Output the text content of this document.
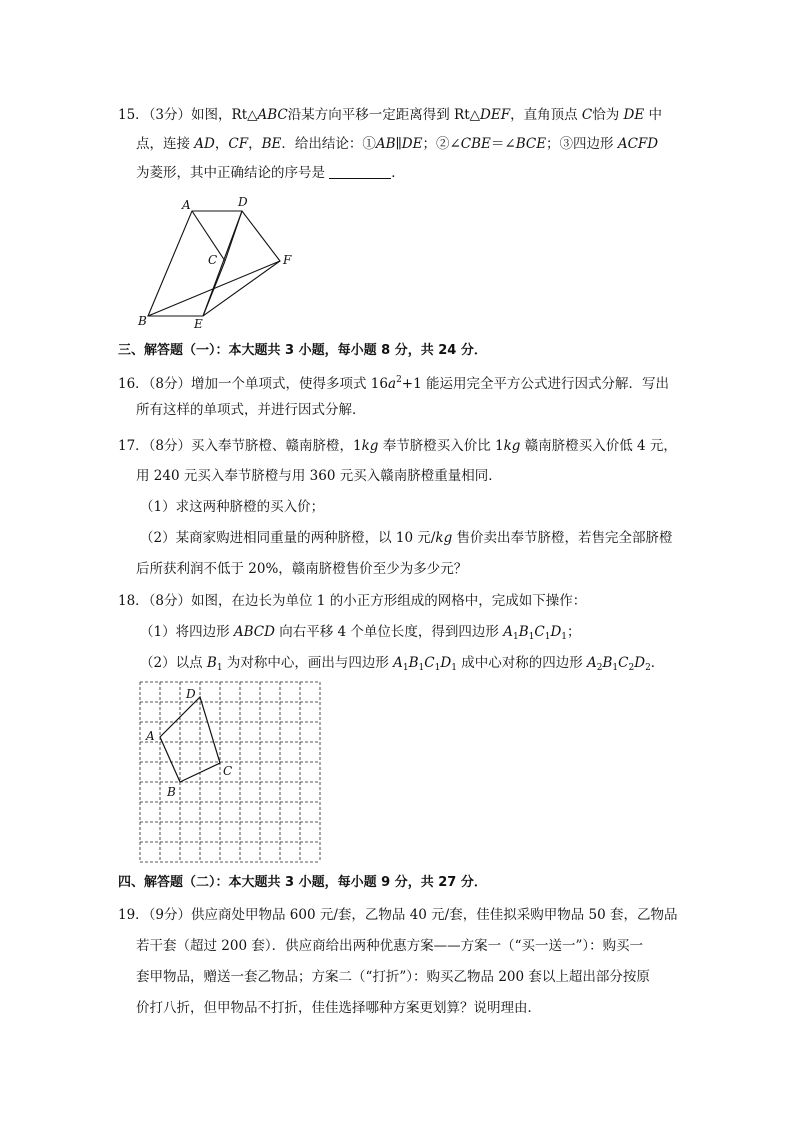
15．（3分）如图，Rt△ABC沿某方向平移一定距离得到 Rt△DEF，直角顶点 C恰为 DE 中
点，连接 AD，CF，BE．给出结论：①AB∥DE；②∠CBE＝∠BCE；③四边形 ACFD
为菱形，其中正确结论的序号是	．
A	D
C	F
B	E
三、解答题（一）：本大题共 3 小题，每小题 8 分，共 24 分．
16．（8分）增加一个单项式，使得多项式 $16a^2+1$ 能运用完全平方公式进行因式分解．写出
所有这样的单项式，并进行因式分解．
17．（8分）买入奉节脐橙、赣南脐橙，1kg 奉节脐橙买入价比 1kg 赣南脐橙买入价低 4 元，
用 240 元买入奉节脐橙与用 360 元买入赣南脐橙重量相同．
（1）求这两种脐橙的买入价；
（2）某商家购进相同重量的两种脐橙，以 10 元/kg 售价卖出奉节脐橙，若售完全部脐橙
后所获利润不低于 20%，赣南脐橙售价至少为多少元？
18．（8分）如图，在边长为单位 1 的小正方形组成的网格中，完成如下操作：
（1）将四边形 ABCD 向右平移 4 个单位长度，得到四边形 $A_1B_1C_1D_1$；
（2）以点 $B_1$ 为对称中心，画出与四边形 $A_1B_1C_1D_1$ 成中心对称的四边形 $A_2B_1C_2D_2$．
D
A
C
B
四、解答题（二）：本大题共 3 小题，每小题 9 分，共 27 分．
19．（9分）供应商处甲物品 600 元/套，乙物品 40 元/套，佳佳拟采购甲物品 50 套，乙物品
若干套（超过 200 套）．供应商给出两种优惠方案——方案一（“买一送一”）：购买一
套甲物品，赠送一套乙物品；方案二（“打折”）：购买乙物品 200 套以上超出部分按原
价打八折，但甲物品不打折，佳佳选择哪种方案更划算？说明理由．
